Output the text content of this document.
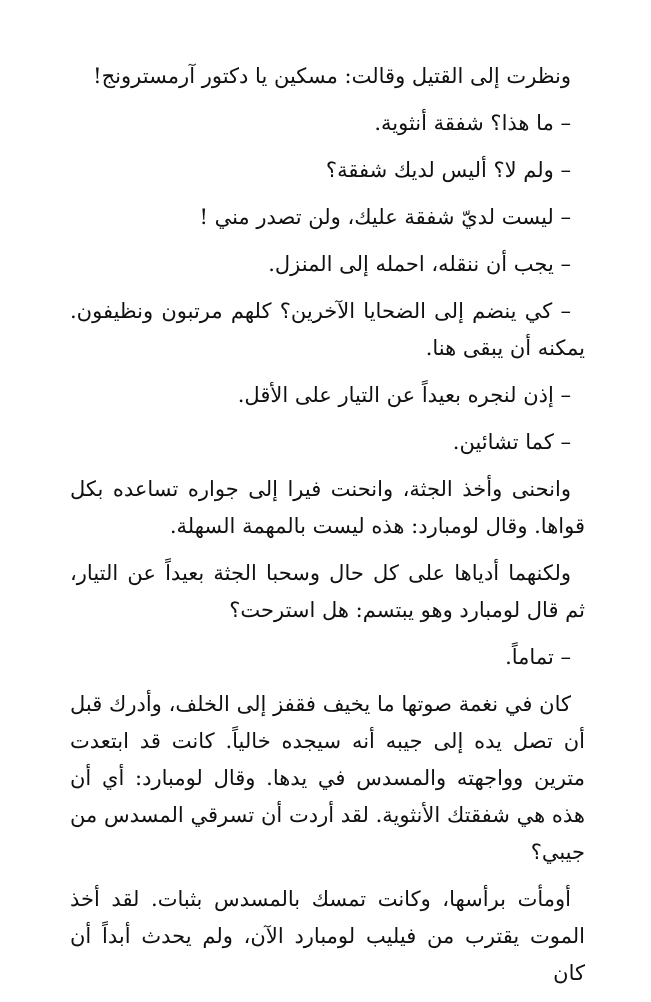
ونظرت إلى القتيل وقالت: مسكين يا دكتور آرمسترونج!

– ما هذا؟ شفقة أنثوية.

– ولم لا؟ أليس لديك شفقة؟

– ليست لديّ شفقة عليك، ولن تصدر مني !

– يجب أن ننقله، احمله إلى المنزل.

– كي ينضم إلى الضحايا الآخرين؟ كلهم مرتبون ونظيفون. يمكنه أن يبقى هنا.

– إذن لنجره بعيداً عن التيار على الأقل.

– كما تشائين.

وانحنى وأخذ الجثة، وانحنت فيرا إلى جواره تساعده بكل قواها. وقال لومبارد: هذه ليست بالمهمة السهلة.

ولكنهما أدياها على كل حال وسحبا الجثة بعيداً عن التيار، ثم قال لومبارد وهو يبتسم: هل استرحت؟

– تماماً.

كان في نغمة صوتها ما يخيف فقفز إلى الخلف، وأدرك قبل أن تصل يده إلى جيبه أنه سيجده خالياً. كانت قد ابتعدت مترين وواجهته والمسدس في يدها. وقال لومبارد: أي أن هذه هي شفقتك الأنثوية. لقد أردت أن تسرقي المسدس من جيبي؟

أومأت برأسها، وكانت تمسك بالمسدس بثبات. لقد أخذ الموت يقترب من فيليب لومبارد الآن، ولم يحدث أبداً أن كان
